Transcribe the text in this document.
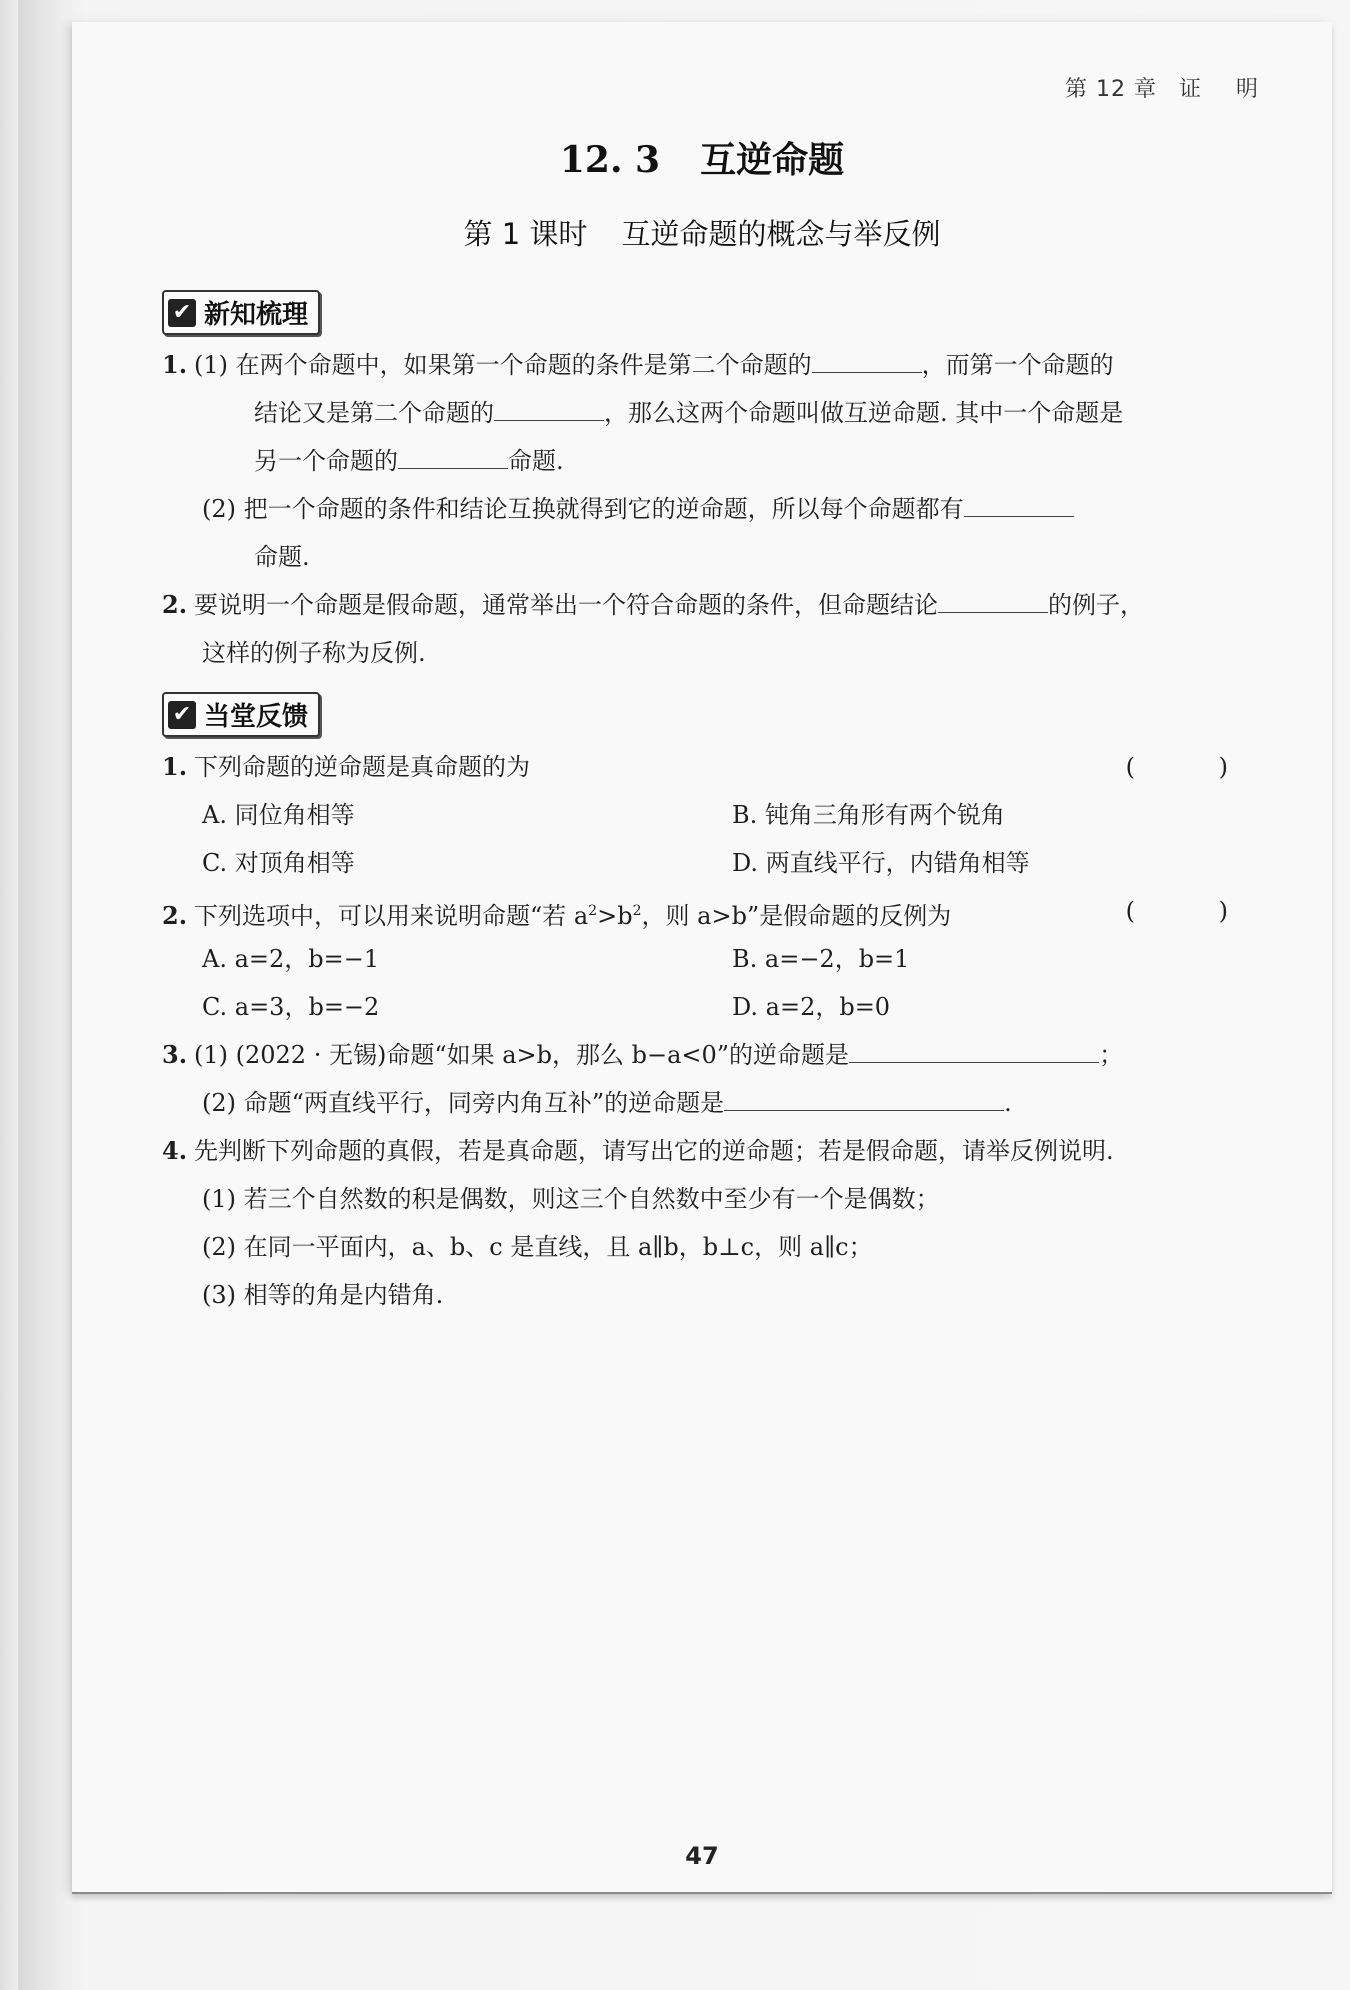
第 12 章 证 明
12. 3 互逆命题
第 1 课时 互逆命题的概念与举反例
✔ 新知梳理
1. (1) 在两个命题中，如果第一个命题的条件是第二个命题的	，而第一个命题的
结论又是第二个命题的	，那么这两个命题叫做互逆命题. 其中一个命题是
另一个命题的	命题.
(2) 把一个命题的条件和结论互换就得到它的逆命题，所以每个命题都有
命题.
2. 要说明一个命题是假命题，通常举出一个符合命题的条件，但命题结论	的例子，
这样的例子称为反例.
✔ 当堂反馈
1. 下列命题的逆命题是真命题的为	( )
A. 同位角相等	B. 钝角三角形有两个锐角
C. 对顶角相等	D. 两直线平行，内错角相等
2. 下列选项中，可以用来说明命题“若 $a^2>b^2$，则 a>b”是假命题的反例为	( )
A. a=2，b=−1	B. a=−2，b=1
C. a=3，b=−2	D. a=2，b=0
3. (1) (2022 · 无锡)命题“如果 a>b，那么 b−a<0”的逆命题是	；
(2) 命题“两直线平行，同旁内角互补”的逆命题是	.
4. 先判断下列命题的真假，若是真命题，请写出它的逆命题；若是假命题，请举反例说明.
(1) 若三个自然数的积是偶数，则这三个自然数中至少有一个是偶数；
(2) 在同一平面内，a、b、c 是直线，且 a∥b，b⊥c，则 a∥c；
(3) 相等的角是内错角.
47
